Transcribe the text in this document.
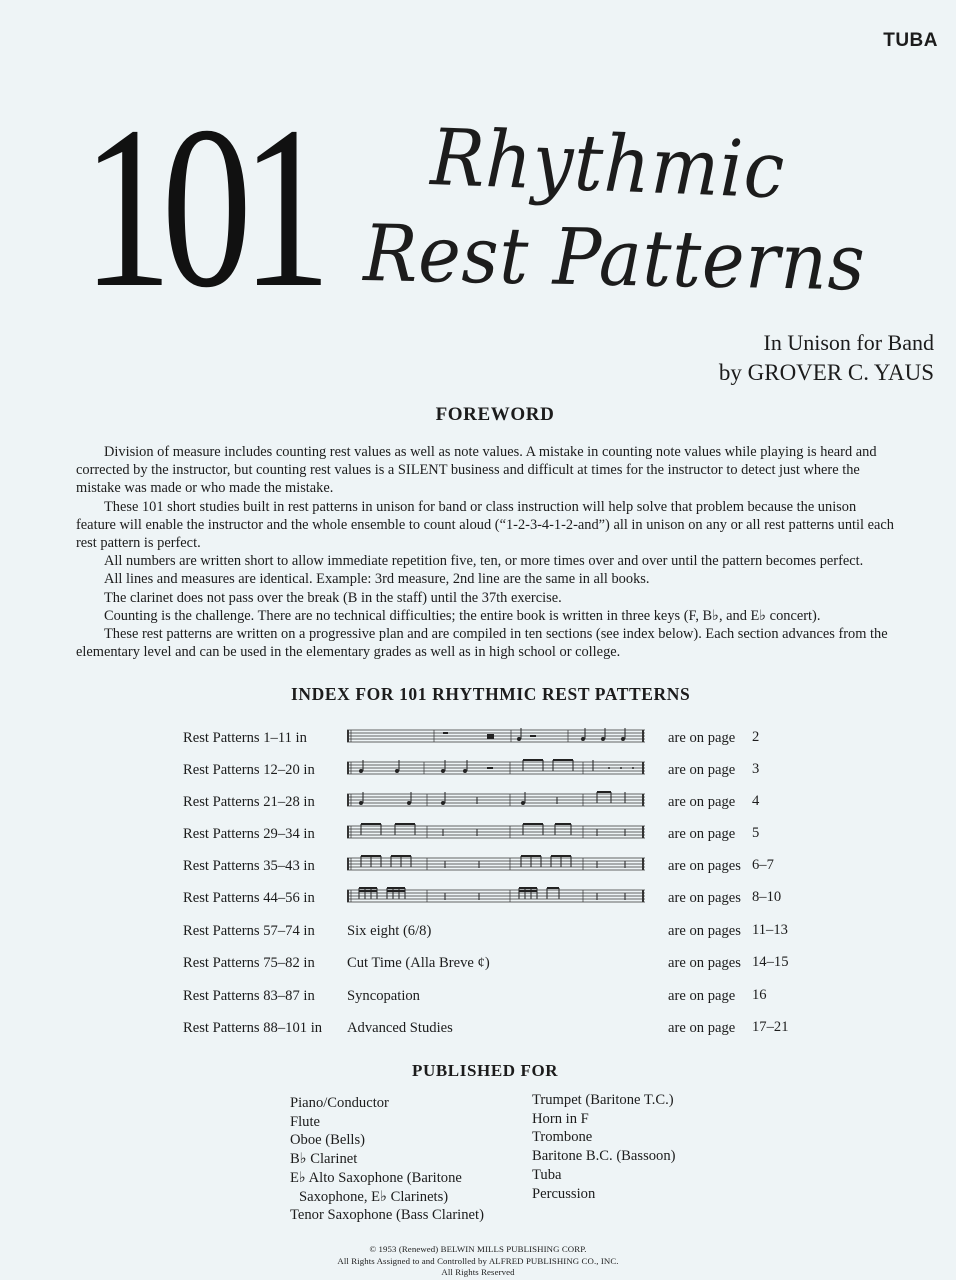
TUBA
101 Rhythmic
Rest Patterns
In Unison for Band
by GROVER C. YAUS
FOREWORD

Division of measure includes counting rest values as well as note values. A mistake in counting note values while playing is heard and corrected by the instructor, but counting rest values is a SILENT business and difficult at times for the instructor to detect just where the mistake was made or who made the mistake.

These 101 short studies built in rest patterns in unison for band or class instruction will help solve that problem because the unison feature will enable the instructor and the whole ensemble to count aloud (“1-2-3-4-1-2-and”) all in unison on any or all rest patterns until each rest pattern is perfect.

All numbers are written short to allow immediate repetition five, ten, or more times over and over until the pattern becomes perfect.

All lines and measures are identical. Example: 3rd measure, 2nd line are the same in all books.

The clarinet does not pass over the break (B in the staff) until the 37th exercise.

Counting is the challenge. There are no technical difficulties; the entire book is written in three keys (F, B♭, and E♭ concert).

These rest patterns are written on a progressive plan and are compiled in ten sections (see index below). Each section advances from the elementary level and can be used in the elementary grades as well as in high school or college.

INDEX FOR 101 RHYTHMIC REST PATTERNS
Rest Patterns 1–11 in	are on page 2
Rest Patterns 12–20 in	are on page 3
Rest Patterns 21–28 in	are on page 4
Rest Patterns 29–34 in	are on page 5
Rest Patterns 35–43 in	are on pages 6–7
Rest Patterns 44–56 in	are on pages 8–10
Rest Patterns 57–74 in Six eight (6/8)	are on pages 11–13
Rest Patterns 75–82 in Cut Time (Alla Breve ¢)	are on pages 14–15
Rest Patterns 83–87 in Syncopation	are on page 16
Rest Patterns 88–101 in Advanced Studies	are on page 17–21
PUBLISHED FOR
Piano/Conductor
Flute
Oboe (Bells)
B♭ Clarinet
E♭ Alto Saxophone (Baritone
Saxophone, E♭ Clarinets)
Tenor Saxophone (Bass Clarinet)
Trumpet (Baritone T.C.)
Horn in F
Trombone
Baritone B.C. (Bassoon)
Tuba
Percussion
© 1953 (Renewed) BELWIN MILLS PUBLISHING CORP.
All Rights Assigned to and Controlled by ALFRED PUBLISHING CO., INC.
All Rights Reserved
